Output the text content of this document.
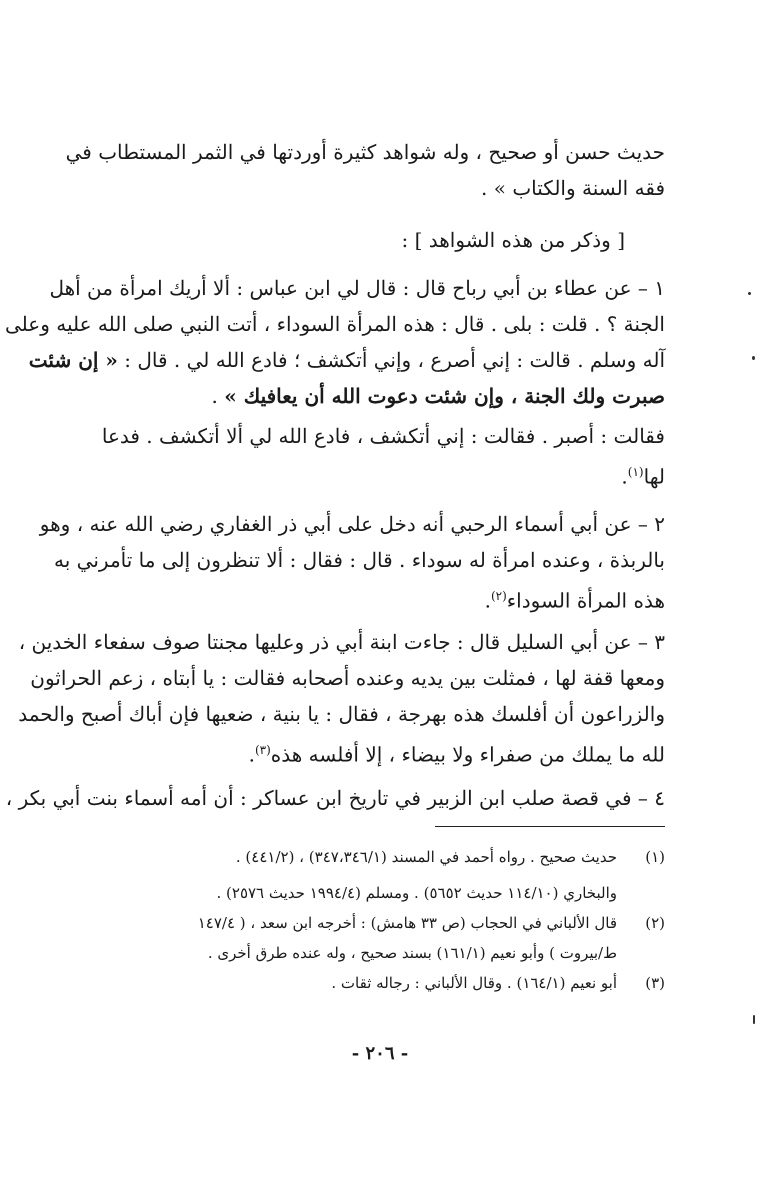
حديث حسن أو صحيح ، وله شواهد كثيرة أوردتها في الثمر المستطاب في
فقه السنة والكتاب » .
[ وذكر من هذه الشواهد ] :
١ – عن عطاء بن أبي رباح قال : قال لي ابن عباس : ألا أريك امرأة من أهل
الجنة ؟ . قلت : بلى . قال : هذه المرأة السوداء ، أتت النبي صلى الله عليه وعلى
آله وسلم . قالت : إني أصرع ، وإني أتكشف ؛ فادع الله لي . قال : « إن شئت
صبرت ولك الجنة ، وإن شئت دعوت الله أن يعافيك » .
فقالت : أصبر . فقالت : إني أتكشف ، فادع الله لي ألا أتكشف . فدعا
لها$^{(١)}$.
٢ – عن أبي أسماء الرحبي أنه دخل على أبي ذر الغفاري رضي الله عنه ، وهو
بالربذة ، وعنده امرأة له سوداء . قال : فقال : ألا تنظرون إلى ما تأمرني به
هذه المرأة السوداء$^{(٢)}$.
٣ – عن أبي السليل قال : جاءت ابنة أبي ذر وعليها مجنتا صوف سفعاء الخدين ،
ومعها قفة لها ، فمثلت بين يديه وعنده أصحابه فقالت : يا أبتاه ، زعم الحراثون
والزراعون أن أفلسك هذه بهرجة ، فقال : يا بنية ، ضعيها فإن أباك أصبح والحمد
لله ما يملك من صفراء ولا بيضاء ، إلا أفلسه هذه$^{(٣)}$.
٤ – في قصة صلب ابن الزبير في تاريخ ابن عساكر : أن أمه أسماء بنت أبي بكر ،
(١)حديث صحيح . رواه أحمد في المسند (٣٤٧،٣٤٦/١) ، (٤٤١/٢) .
والبخاري (١١٤/١٠ حديث ٥٦٥٢) . ومسلم (١٩٩٤/٤ حديث ٢٥٧٦) .
(٢)قال الألباني في الحجاب (ص ٣٣ هامش) : أخرجه ابن سعد ، ( ١٤٧/٤
ط/بيروت ) وأبو نعيم (١٦١/١) بسند صحيح ، وله عنده طرق أخرى .
(٣)أبو نعيم (١٦٤/١) . وقال الألباني : رجاله ثقات .
- ٢٠٦ -
